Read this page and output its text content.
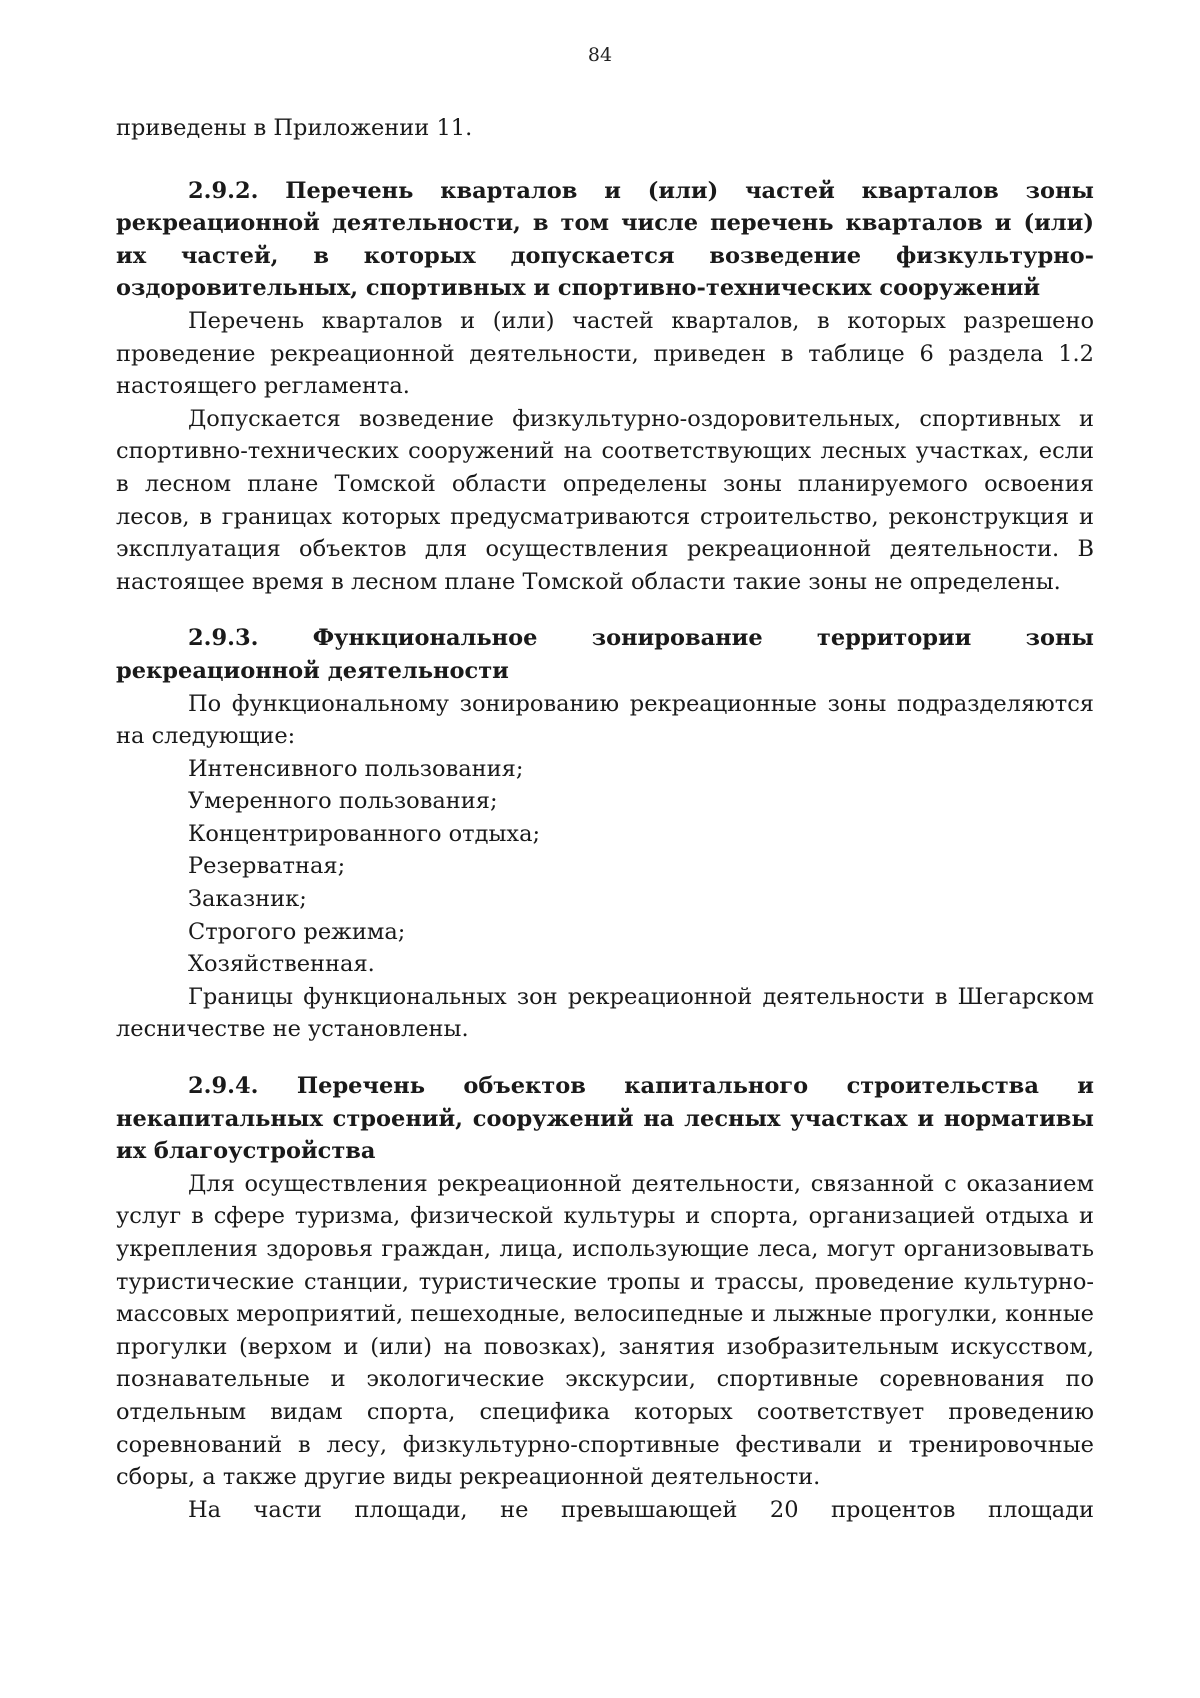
84

приведены в Приложении 11.

2.9.2. Перечень кварталов и (или) частей кварталов зоны рекреационной деятельности, в том числе перечень кварталов и (или) их частей, в которых допускается возведение физкультурно-оздоровительных, спортивных и спортивно-технических сооружений

Перечень кварталов и (или) частей кварталов, в которых разрешено проведение рекреационной деятельности, приведен в таблице 6 раздела 1.2 настоящего регламента.

Допускается возведение физкультурно-оздоровительных, спортивных и спортивно-технических сооружений на соответствующих лесных участках, если в лесном плане Томской области определены зоны планируемого освоения лесов, в границах которых предусматриваются строительство, реконструкция и эксплуатация объектов для осуществления рекреационной деятельности. В настоящее время в лесном плане Томской области такие зоны не определены.

2.9.3. Функциональное зонирование территории зоны рекреационной деятельности

По функциональному зонированию рекреационные зоны подразделяются на следующие:

Интенсивного пользования;

Умеренного пользования;

Концентрированного отдыха;

Резерватная;

Заказник;

Строгого режима;

Хозяйственная.

Границы функциональных зон рекреационной деятельности в Шегарском лесничестве не установлены.

2.9.4. Перечень объектов капитального строительства и некапитальных строений, сооружений на лесных участках и нормативы их благоустройства

Для осуществления рекреационной деятельности, связанной с оказанием услуг в сфере туризма, физической культуры и спорта, организацией отдыха и укрепления здоровья граждан, лица, использующие леса, могут организовывать туристические станции, туристические тропы и трассы, проведение культурно-массовых мероприятий, пешеходные, велосипедные и лыжные прогулки, конные прогулки (верхом и (или) на повозках), занятия изобразительным искусством, познавательные и экологические экскурсии, спортивные соревнования по отдельным видам спорта, специфика которых соответствует проведению соревнований в лесу, физкультурно-спортивные фестивали и тренировочные сборы, а также другие виды рекреационной деятельности.

На части площади, не превышающей 20 процентов площади
